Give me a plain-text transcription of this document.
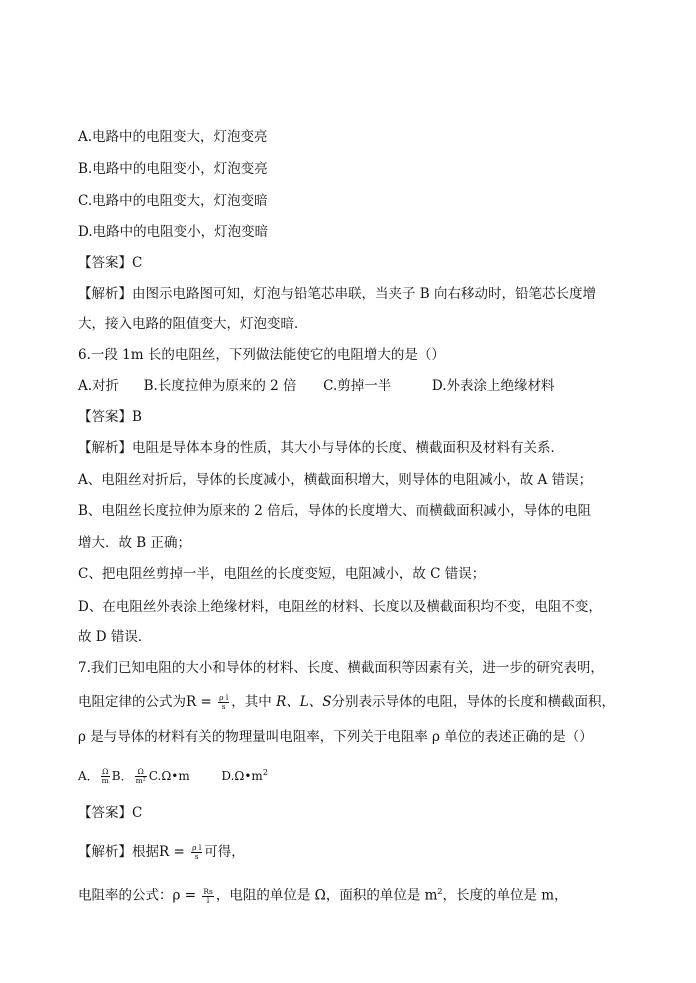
A.电路中的电阻变大，灯泡变亮
B.电路中的电阻变小，灯泡变亮
C.电路中的电阻变大，灯泡变暗
D.电路中的电阻变小，灯泡变暗
【答案】C
【解析】由图示电路图可知，灯泡与铅笔芯串联，当夹子 B 向右移动时，铅笔芯长度增
大，接入电路的阻值变大，灯泡变暗．
6.一段 1m 长的电阻丝，下列做法能使它的电阻增大的是（）
A.对折 B.长度拉伸为原来的 2 倍 C.剪掉一半	D.外表涂上绝缘材料
【答案】B
【解析】电阻是导体本身的性质，其大小与导体的长度、横截面积及材料有关系．
A、电阻丝对折后，导体的长度减小，横截面积增大，则导体的电阻减小，故 A 错误；
B、电阻丝长度拉伸为原来的 2 倍后，导体的长度增大、而横截面积减小，导体的电阻
增大．故 B 正确；
C、把电阻丝剪掉一半，电阻丝的长度变短，电阻减小，故 C 错误；
D、在电阻丝外表涂上绝缘材料，电阻丝的材料、长度以及横截面积均不变，电阻不变，
故 D 错误．
7.我们已知电阻的大小和导体的材料、长度、横截面积等因素有关，进一步的研究表明，
电阻定律的公式为$R = \frac{\text{ρ l}}{s}$ ，其中 R、L、S分别表示导体的电阻，导体的长度和横截面积，
ρ 是与导体的材料有关的物理量叫电阻率，下列关于电阻率 ρ 单位的表述正确的是（）
A． $\frac{\Omega}{m}$ B． $\frac{\Omega}{\text{m²}}$ C.Ω•m	$D.\Omega•m^2$
【答案】C
【解析】根据$R = \frac{\text{ρ l}}{s}$ 可得，
电阻率的公式：$\rho = \frac{Rs}{l}$ ，电阻的单位是 Ω，面积的单位是 $m^2$，长度的单位是 m，
